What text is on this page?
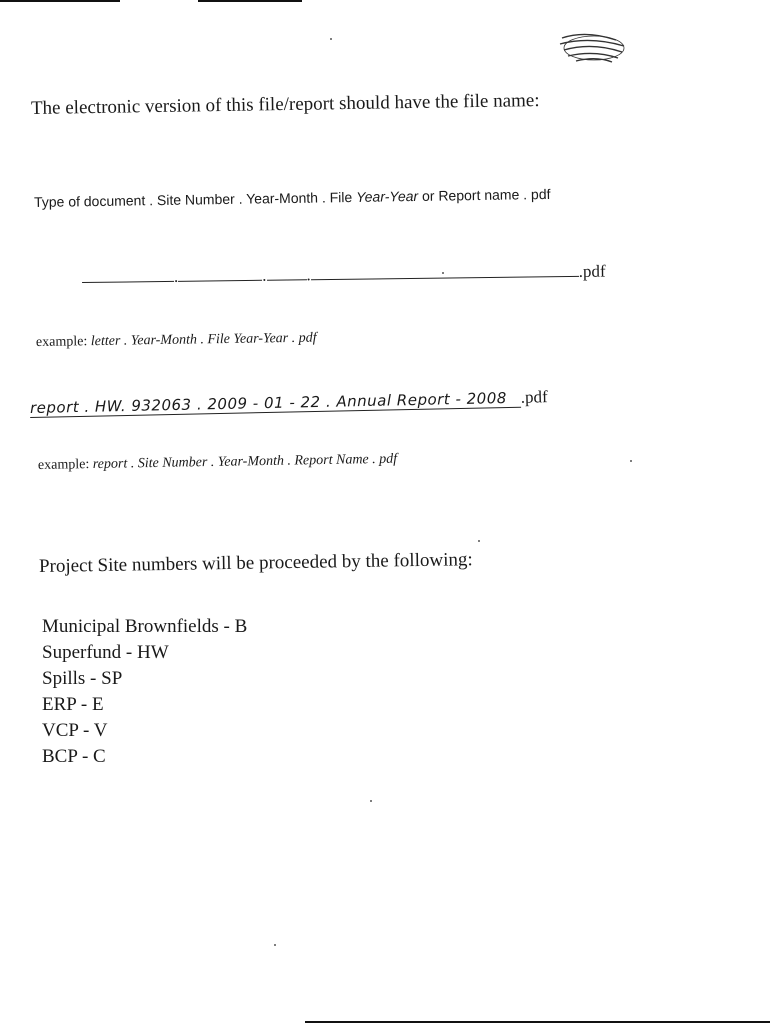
The electronic version of this file/report should have the file name:
Type of document . Site Number . Year-Month . File Year-Year or Report name . pdf
.	. .	.pdf
example: letter . Year-Month . File Year-Year . pdf
report . HW. 932063 . 2009 - 01 - 22 . Annual Report - 2008 .pdf
example: report . Site Number . Year-Month . Report Name . pdf
Project Site numbers will be proceeded by the following:
Municipal Brownfields - B
Superfund - HW
Spills - SP
ERP - E
VCP - V
BCP - C
